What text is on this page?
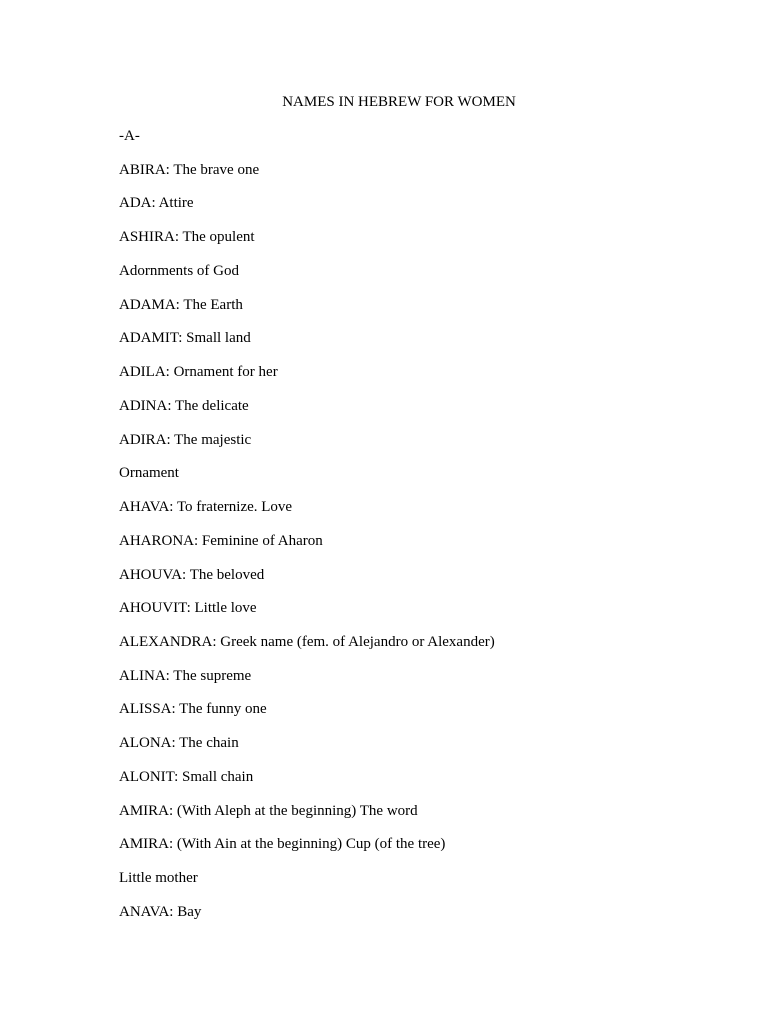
NAMES IN HEBREW FOR WOMEN
-A-
ABIRA: The brave one
ADA: Attire
ASHIRA: The opulent
Adornments of God
ADAMA: The Earth
ADAMIT: Small land
ADILA: Ornament for her
ADINA: The delicate
ADIRA: The majestic
Ornament
AHAVA: To fraternize. Love
AHARONA: Feminine of Aharon
AHOUVA: The beloved
AHOUVIT: Little love
ALEXANDRA: Greek name (fem. of Alejandro or Alexander)
ALINA: The supreme
ALISSA: The funny one
ALONA: The chain
ALONIT: Small chain
AMIRA: (With Aleph at the beginning) The word
AMIRA: (With Ain at the beginning) Cup (of the tree)
Little mother
ANAVA: Bay
